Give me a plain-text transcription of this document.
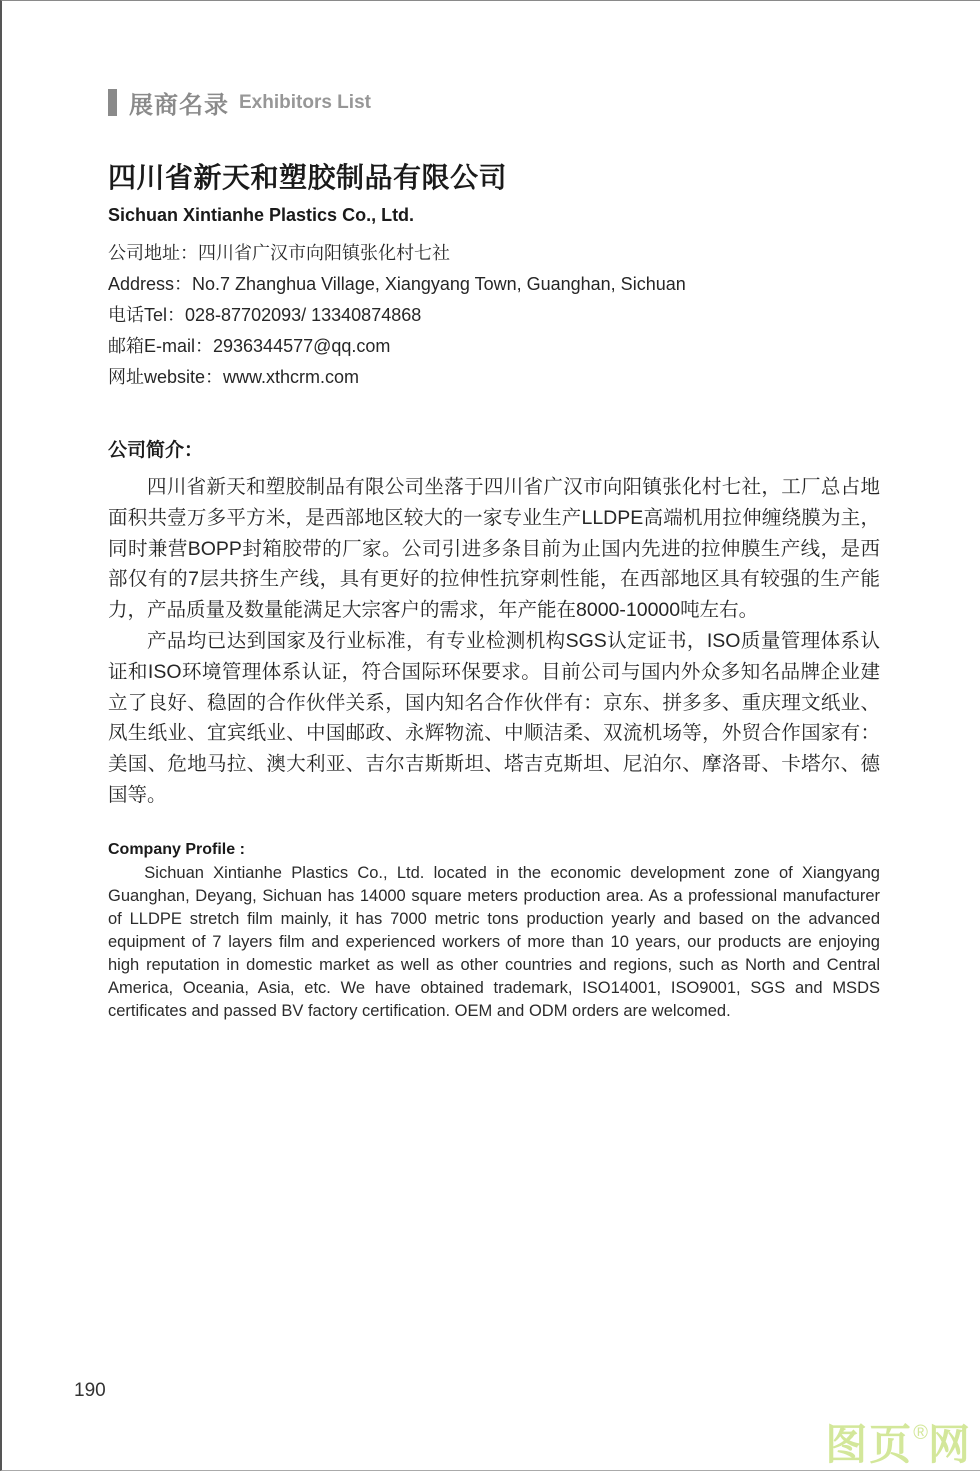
展商名录 Exhibitors List
四川省新天和塑胶制品有限公司
Sichuan Xintianhe Plastics Co., Ltd.
公司地址：四川省广汉市向阳镇张化村七社
Address：No.7 Zhanghua Village, Xiangyang Town, Guanghan, Sichuan
电话Tel：028-87702093/ 13340874868
邮箱E-mail：2936344577@qq.com
网址website：www.xthcrm.com
公司简介：

四川省新天和塑胶制品有限公司坐落于四川省广汉市向阳镇张化村七社，工厂总占地面积共壹万多平方米，是西部地区较大的一家专业生产LLDPE高端机用拉伸缠绕膜为主，同时兼营BOPP封箱胶带的厂家。公司引进多条目前为止国内先进的拉伸膜生产线，是西部仅有的7层共挤生产线，具有更好的拉伸性抗穿刺性能，在西部地区具有较强的生产能力，产品质量及数量能满足大宗客户的需求，年产能在8000-10000吨左右。

产品均已达到国家及行业标准，有专业检测机构SGS认定证书，ISO质量管理体系认证和ISO环境管理体系认证，符合国际环保要求。目前公司与国内外众多知名品牌企业建立了良好、稳固的合作伙伴关系，国内知名合作伙伴有：京东、拼多多、重庆理文纸业、凤生纸业、宜宾纸业、中国邮政、永辉物流、中顺洁柔、双流机场等，外贸合作国家有：美国、危地马拉、澳大利亚、吉尔吉斯斯坦、塔吉克斯坦、尼泊尔、摩洛哥、卡塔尔、德国等。

Company Profile :

Sichuan Xintianhe Plastics Co., Ltd. located in the economic development zone of Xiangyang Guanghan, Deyang, Sichuan has 14000 square meters production area. As a professional manufacturer of LLDPE stretch film mainly, it has 7000 metric tons production yearly and based on the advanced equipment of 7 layers film and experienced workers of more than 10 years, our products are enjoying high reputation in domestic market as well as other countries and regions, such as North and Central America, Oceania, Asia, etc. We have obtained trademark, ISO14001, ISO9001, SGS and MSDS certificates and passed BV factory certification. OEM and ODM orders are welcomed.

190
图页®网
